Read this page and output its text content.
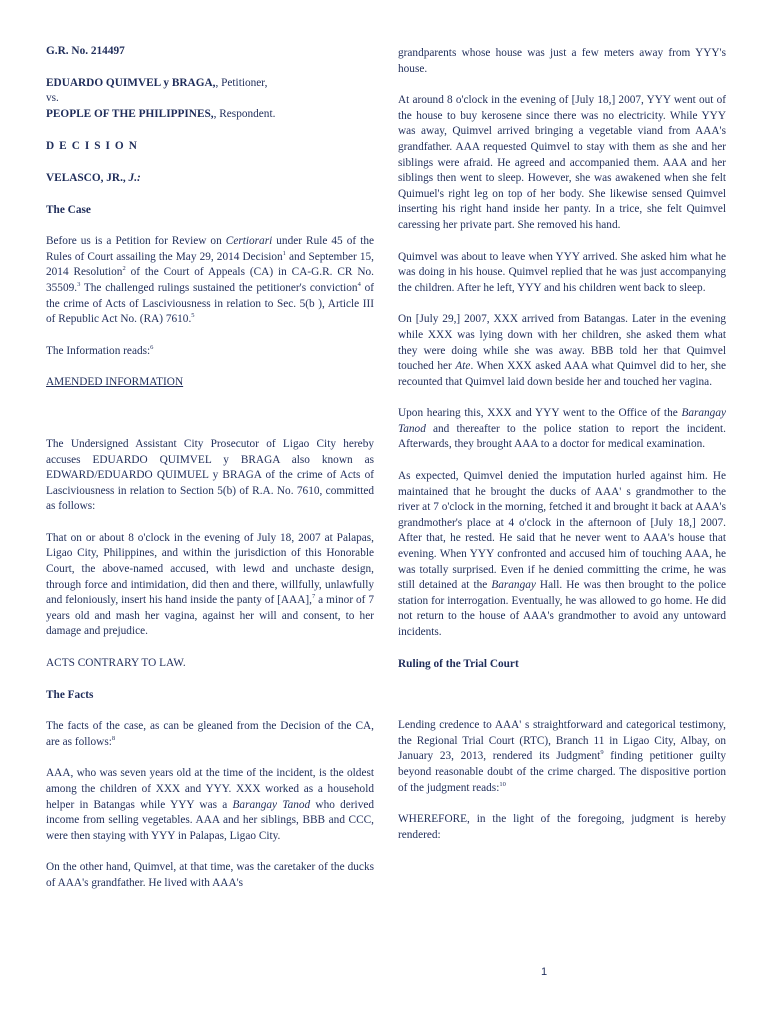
G.R. No. 214497

EDUARDO QUIMVEL y BRAGA,, Petitioner,

vs.

PEOPLE OF THE PHILIPPINES,, Respondent.

DECISION

VELASCO, JR., J.:

The Case

Before us is a Petition for Review on Certiorari under Rule 45 of the Rules of Court assailing the May 29, 2014 Decision$^1$ and September 15, 2014 Resolution$^2$ of the Court of Appeals (CA) in CA-G.R. CR No. 35509.$^3$ The challenged rulings sustained the petitioner's conviction$^4$ of the crime of Acts of Lasciviousness in relation to Sec. 5(b ), Article III of Republic Act No. (RA) 7610.$^5$

The Information reads:$^6$

AMENDED INFORMATION

The Undersigned Assistant City Prosecutor of Ligao City hereby accuses EDUARDO QUIMVEL y BRAGA also known as EDWARD/EDUARDO QUIMUEL y BRAGA of the crime of Acts of Lasciviousness in relation to Section 5(b) of R.A. No. 7610, committed as follows:

That on or about 8 o'clock in the evening of July 18, 2007 at Palapas, Ligao City, Philippines, and within the jurisdiction of this Honorable Court, the above-named accused, with lewd and unchaste design, through force and intimidation, did then and there, willfully, unlawfully and feloniously, insert his hand inside the panty of [AAA],$^7$ a minor of 7 years old and mash her vagina, against her will and consent, to her damage and prejudice.

ACTS CONTRARY TO LAW.

The Facts

The facts of the case, as can be gleaned from the Decision of the CA, are as follows:$^8$

AAA, who was seven years old at the time of the incident, is the oldest among the children of XXX and YYY. XXX worked as a household helper in Batangas while YYY was a Barangay Tanod who derived income from selling vegetables. AAA and her siblings, BBB and CCC, were then staying with YYY in Palapas, Ligao City.

On the other hand, Quimvel, at that time, was the caretaker of the ducks of AAA's grandfather. He lived with AAA's

grandparents whose house was just a few meters away from YYY's house.

At around 8 o'clock in the evening of [July 18,] 2007, YYY went out of the house to buy kerosene since there was no electricity. While YYY was away, Quimvel arrived bringing a vegetable viand from AAA's grandfather. AAA requested Quimvel to stay with them as she and her siblings were afraid. He agreed and accompanied them. AAA and her siblings then went to sleep. However, she was awakened when she felt Quimuel's right leg on top of her body. She likewise sensed Quimvel inserting his right hand inside her panty. In a trice, she felt Quimvel caressing her private part. She removed his hand.

Quimvel was about to leave when YYY arrived. She asked him what he was doing in his house. Quimvel replied that he was just accompanying the children. After he left, YYY and his children went back to sleep.

On [July 29,] 2007, XXX arrived from Batangas. Later in the evening while XXX was lying down with her children, she asked them what they were doing while she was away. BBB told her that Quimvel touched her Ate. When XXX asked AAA what Quimvel did to her, she recounted that Quimvel laid down beside her and touched her vagina.

Upon hearing this, XXX and YYY went to the Office of the Barangay Tanod and thereafter to the police station to report the incident. Afterwards, they brought AAA to a doctor for medical examination.

As expected, Quimvel denied the imputation hurled against him. He maintained that he brought the ducks of AAA' s grandmother to the river at 7 o'clock in the morning, fetched it and brought it back at AAA's grandmother's place at 4 o'clock in the afternoon of [July 18,] 2007. After that, he rested. He said that he never went to AAA's house that evening. When YYY confronted and accused him of touching AAA, he was totally surprised. Even if he denied committing the crime, he was still detained at the Barangay Hall. He was then brought to the police station for interrogation. Eventually, he was allowed to go home. He did not return to the house of AAA's grandmother to avoid any untoward incidents.

Ruling of the Trial Court

Lending credence to AAA' s straightforward and categorical testimony, the Regional Trial Court (RTC), Branch 11 in Ligao City, Albay, on January 23, 2013, rendered its Judgment$^9$ finding petitioner guilty beyond reasonable doubt of the crime charged. The dispositive portion of the judgment reads:$^{10}$

WHEREFORE, in the light of the foregoing, judgment is hereby rendered:

1
